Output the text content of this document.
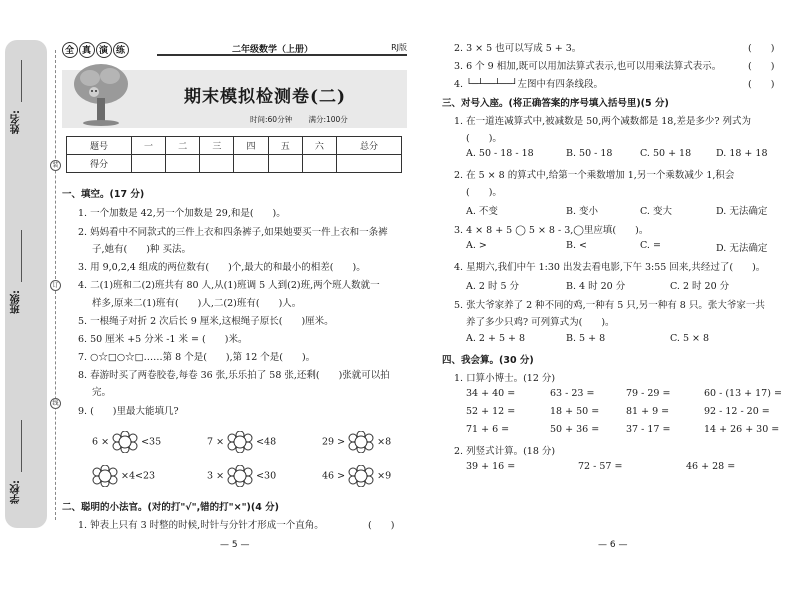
姓名:
班级:
学校:
装
订
线
全 真 演 练	二年级数学（上册）	RJ版
期末模拟检测卷(二)
时间:60分钟 满分:100分
题号	一	二	三	四	五	六	总分
得分							
一、填空。(17 分)
1. 一个加数是 42,另一个加数是 29,和是(　　)。
2. 妈妈看中不同款式的三件上衣和四条裤子,如果她要买一件上衣和一条裤
子,她有(　　)种 买法。
3. 用 9,0,2,4 组成的两位数有(　　)个,最大的和最小的相差(　　)。
4. 二(1)班和二(2)班共有 80 人,从(1)班调 5 人到(2)班,两个班人数就一
样多,原来二(1)班有(　　)人,二(2)班有(　　)人。
5. 一根绳子对折 2 次后长 9 厘米,这根绳子原长(　　)厘米。
6. 50 厘米 +5 分米 -1 米 = (　　)米。
7. ○☆□○☆□……第 8 个是(　　),第 12 个是(　　)。
8. 春游时买了两卷胶卷,每卷 36 张,乐乐拍了 58 张,还剩(　　)张就可以拍
完。
9. (　　)里最大能填几?
6 ×	<35	7 ×	<48	29 >	×8
×4<23	3 ×	<30	46 >	×9
二、聪明的小法官。(对的打"√",错的打"×")(4 分)
1. 钟表上只有 3 时整的时候,时针与分针才形成一个直角。	(　　)
— 5 —
2. 3 × 5 也可以写成 5 + 3。	(　　)
3. 6 个 9 相加,既可以用加法算式表示,也可以用乘法算式表示。	(　　)
4. └─┴──┴──┘左图中有四条线段。	(　　)
三、对号入座。(将正确答案的序号填入括号里)(5 分)
1. 在一道连减算式中,被减数是 50,两个减数都是 18,差是多少? 列式为
(　　)。
A. 50 - 18 - 18	B. 50 - 18	C. 50 + 18	D. 18 + 18
2. 在 5 × 8 的算式中,给第一个乘数增加 1,另一个乘数减少 1,积会
(　　)。
A. 不变	B. 变小	C. 变大	D. 无法确定
3. 4 × 8 + 5 ◯ 5 × 8 - 3,◯里应填(　　)。
A. >	B. <	C. =	D. 无法确定
4. 星期六,我们中午 1:30 出发去看电影,下午 3:55 回来,共经过了(　　)。
A. 2 时 5 分	B. 4 时 20 分	C. 2 时 20 分
5. 张大爷家养了 2 种不同的鸡,一种有 5 只,另一种有 8 只。张大爷家一共
养了多少只鸡? 可列算式为(　　)。
A. 2 + 5 + 8	B. 5 + 8	C. 5 × 8
四、我会算。(30 分)
1. 口算小博士。(12 分)
34 + 40 =	63 - 23 =	79 - 29 =	60 - (13 + 17) =
52 + 12 =	18 + 50 =	81 + 9 =	92 - 12 - 20 =
71 + 6 =	50 + 36 =	37 - 17 =	14 + 26 + 30 =
2. 列竖式计算。(18 分)
39 + 16 =	72 - 57 =	46 + 28 =
— 6 —
